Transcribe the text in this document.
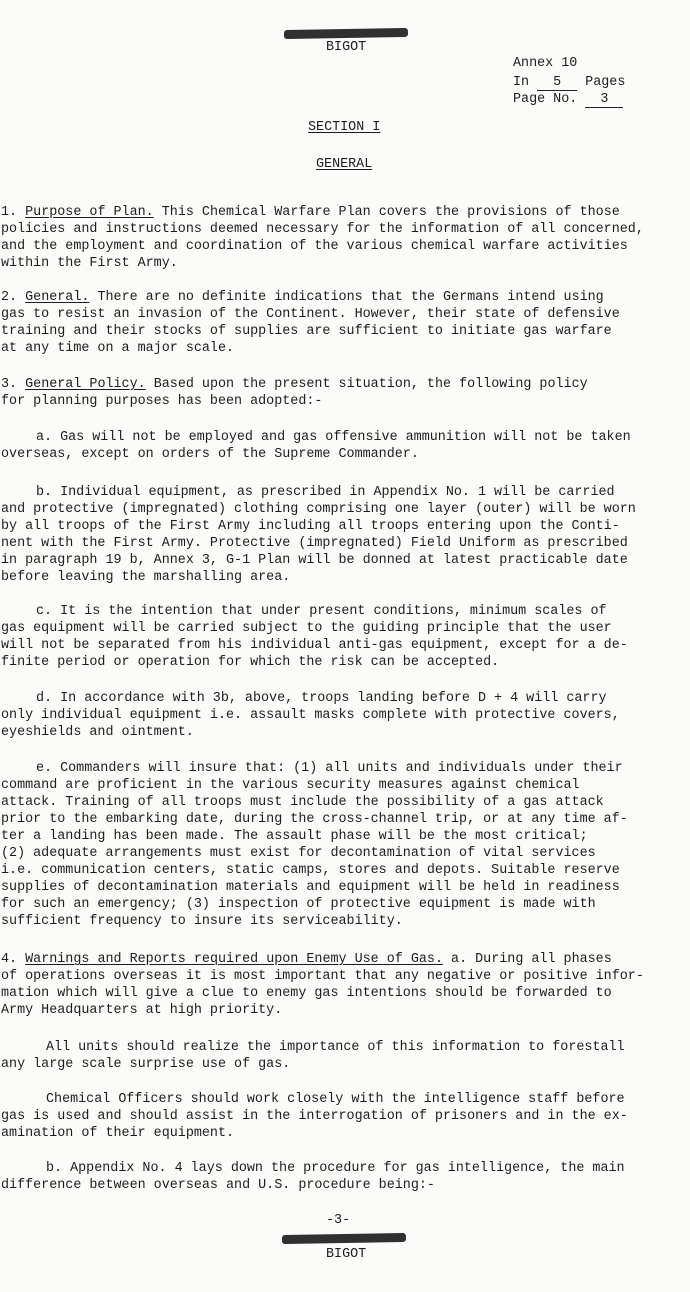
BIGOT
Annex 10
In 5 Pages
Page No. 3
SECTION I
GENERAL
1. Purpose of Plan. This Chemical Warfare Plan covers the provisions of those
policies and instructions deemed necessary for the information of all concerned,
and the employment and coordination of the various chemical warfare activities
within the First Army.
2. General. There are no definite indications that the Germans intend using
gas to resist an invasion of the Continent. However, their state of defensive
training and their stocks of supplies are sufficient to initiate gas warfare
at any time on a major scale.
3. General Policy. Based upon the present situation, the following policy
for planning purposes has been adopted:-
a. Gas will not be employed and gas offensive ammunition will not be taken
overseas, except on orders of the Supreme Commander.
b. Individual equipment, as prescribed in Appendix No. 1 will be carried
and protective (impregnated) clothing comprising one layer (outer) will be worn
by all troops of the First Army including all troops entering upon the Conti-
nent with the First Army. Protective (impregnated) Field Uniform as prescribed
in paragraph 19 b, Annex 3, G-1 Plan will be donned at latest practicable date
before leaving the marshalling area.
c. It is the intention that under present conditions, minimum scales of
gas equipment will be carried subject to the guiding principle that the user
will not be separated from his individual anti-gas equipment, except for a de-
finite period or operation for which the risk can be accepted.
d. In accordance with 3b, above, troops landing before D + 4 will carry
only individual equipment i.e. assault masks complete with protective covers,
eyeshields and ointment.
e. Commanders will insure that: (1) all units and individuals under their
command are proficient in the various security measures against chemical
attack. Training of all troops must include the possibility of a gas attack
prior to the embarking date, during the cross-channel trip, or at any time af-
ter a landing has been made. The assault phase will be the most critical;
(2) adequate arrangements must exist for decontamination of vital services
i.e. communication centers, static camps, stores and depots. Suitable reserve
supplies of decontamination materials and equipment will be held in readiness
for such an emergency; (3) inspection of protective equipment is made with
sufficient frequency to insure its serviceability.
4. Warnings and Reports required upon Enemy Use of Gas. a. During all phases
of operations overseas it is most important that any negative or positive infor-
mation which will give a clue to enemy gas intentions should be forwarded to
Army Headquarters at high priority.
All units should realize the importance of this information to forestall
any large scale surprise use of gas.
Chemical Officers should work closely with the intelligence staff before
gas is used and should assist in the interrogation of prisoners and in the ex-
amination of their equipment.
b. Appendix No. 4 lays down the procedure for gas intelligence, the main
difference between overseas and U.S. procedure being:-
-3-
BIGOT
